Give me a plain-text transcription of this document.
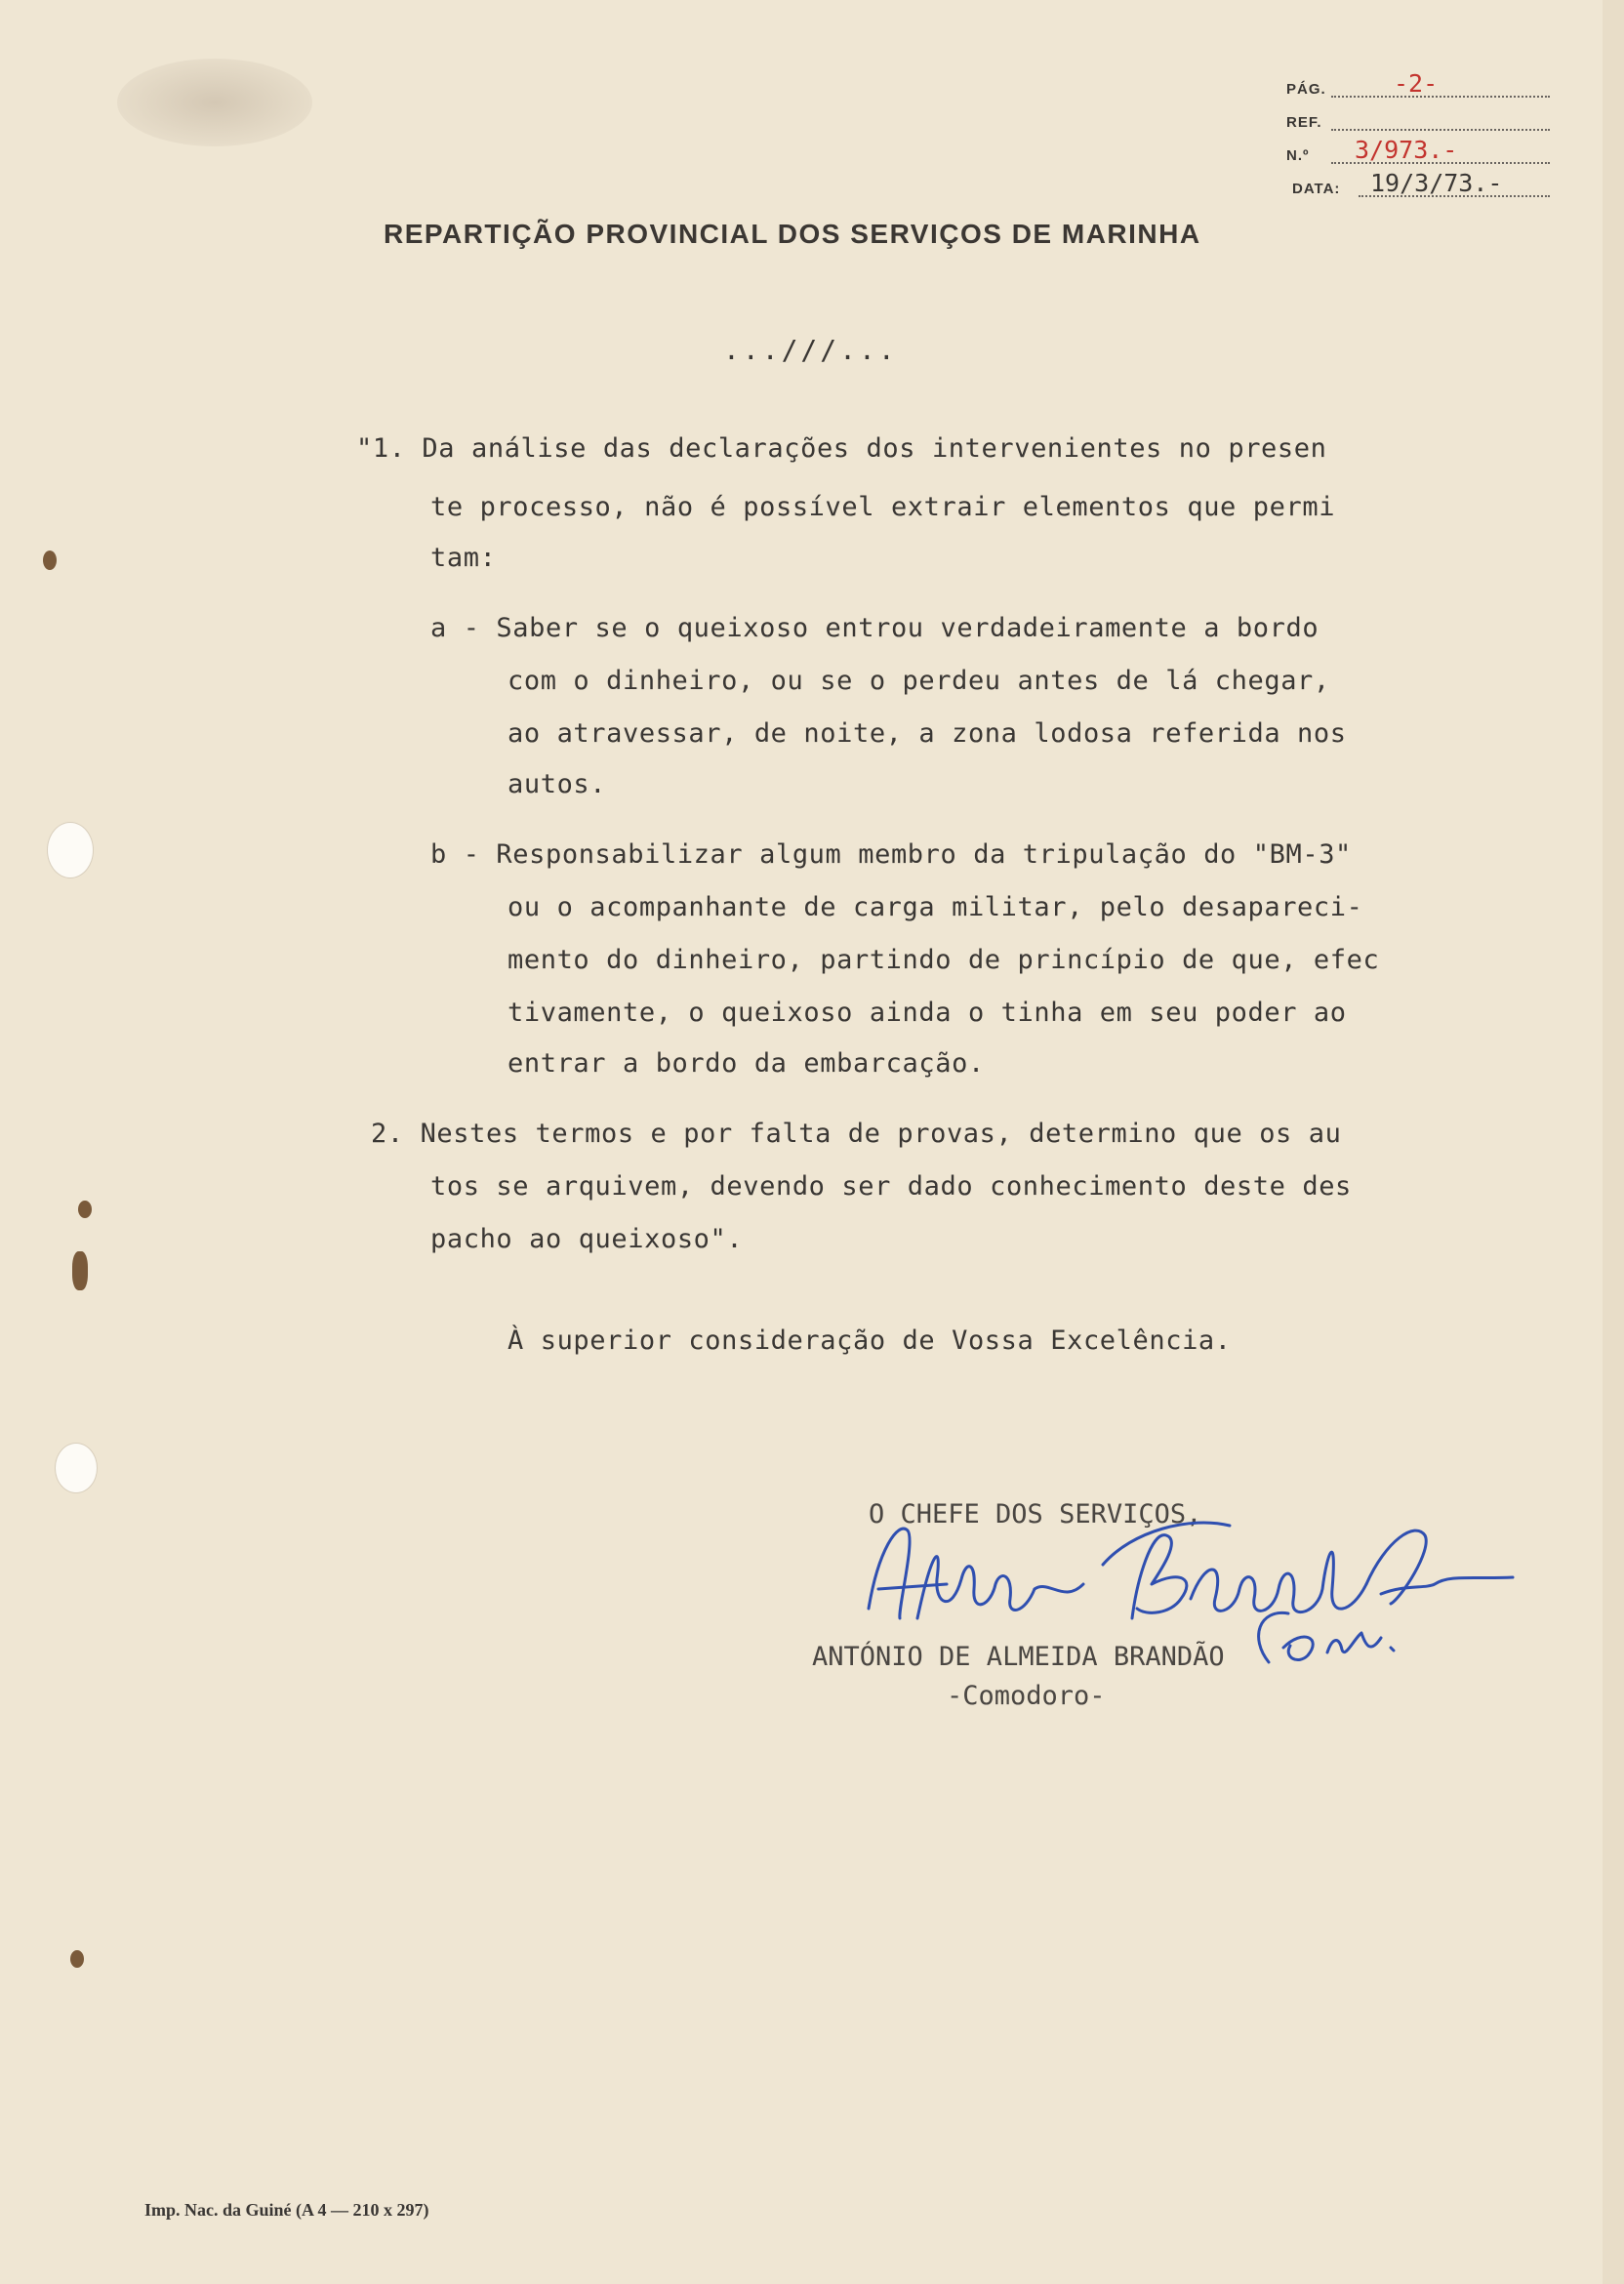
PÁG.	-2-
REF.
N.º 3/973.-
DATA: 19/3/73.-
REPARTIÇÃO PROVINCIAL DOS SERVIÇOS DE MARINHA
...///...
"1. Da análise das declarações dos intervenientes no presen
te processo, não é possível extrair elementos que permi
tam:
a - Saber se o queixoso entrou verdadeiramente a bordo
com o dinheiro, ou se o perdeu antes de lá chegar,
ao atravessar, de noite, a zona lodosa referida nos
autos.
b - Responsabilizar algum membro da tripulação do "BM-3"
ou o acompanhante de carga militar, pelo desapareci-
mento do dinheiro, partindo de princípio de que, efec
tivamente, o queixoso ainda o tinha em seu poder ao
entrar a bordo da embarcação.
2. Nestes termos e por falta de provas, determino que os au
tos se arquivem, devendo ser dado conhecimento deste des
pacho ao queixoso".
À superior consideração de Vossa Excelência.
O CHEFE DOS SERVIÇOS,
ANTÓNIO DE ALMEIDA BRANDÃO
-Comodoro-
Imp. Nac. da Guiné (A 4 — 210 x 297)
